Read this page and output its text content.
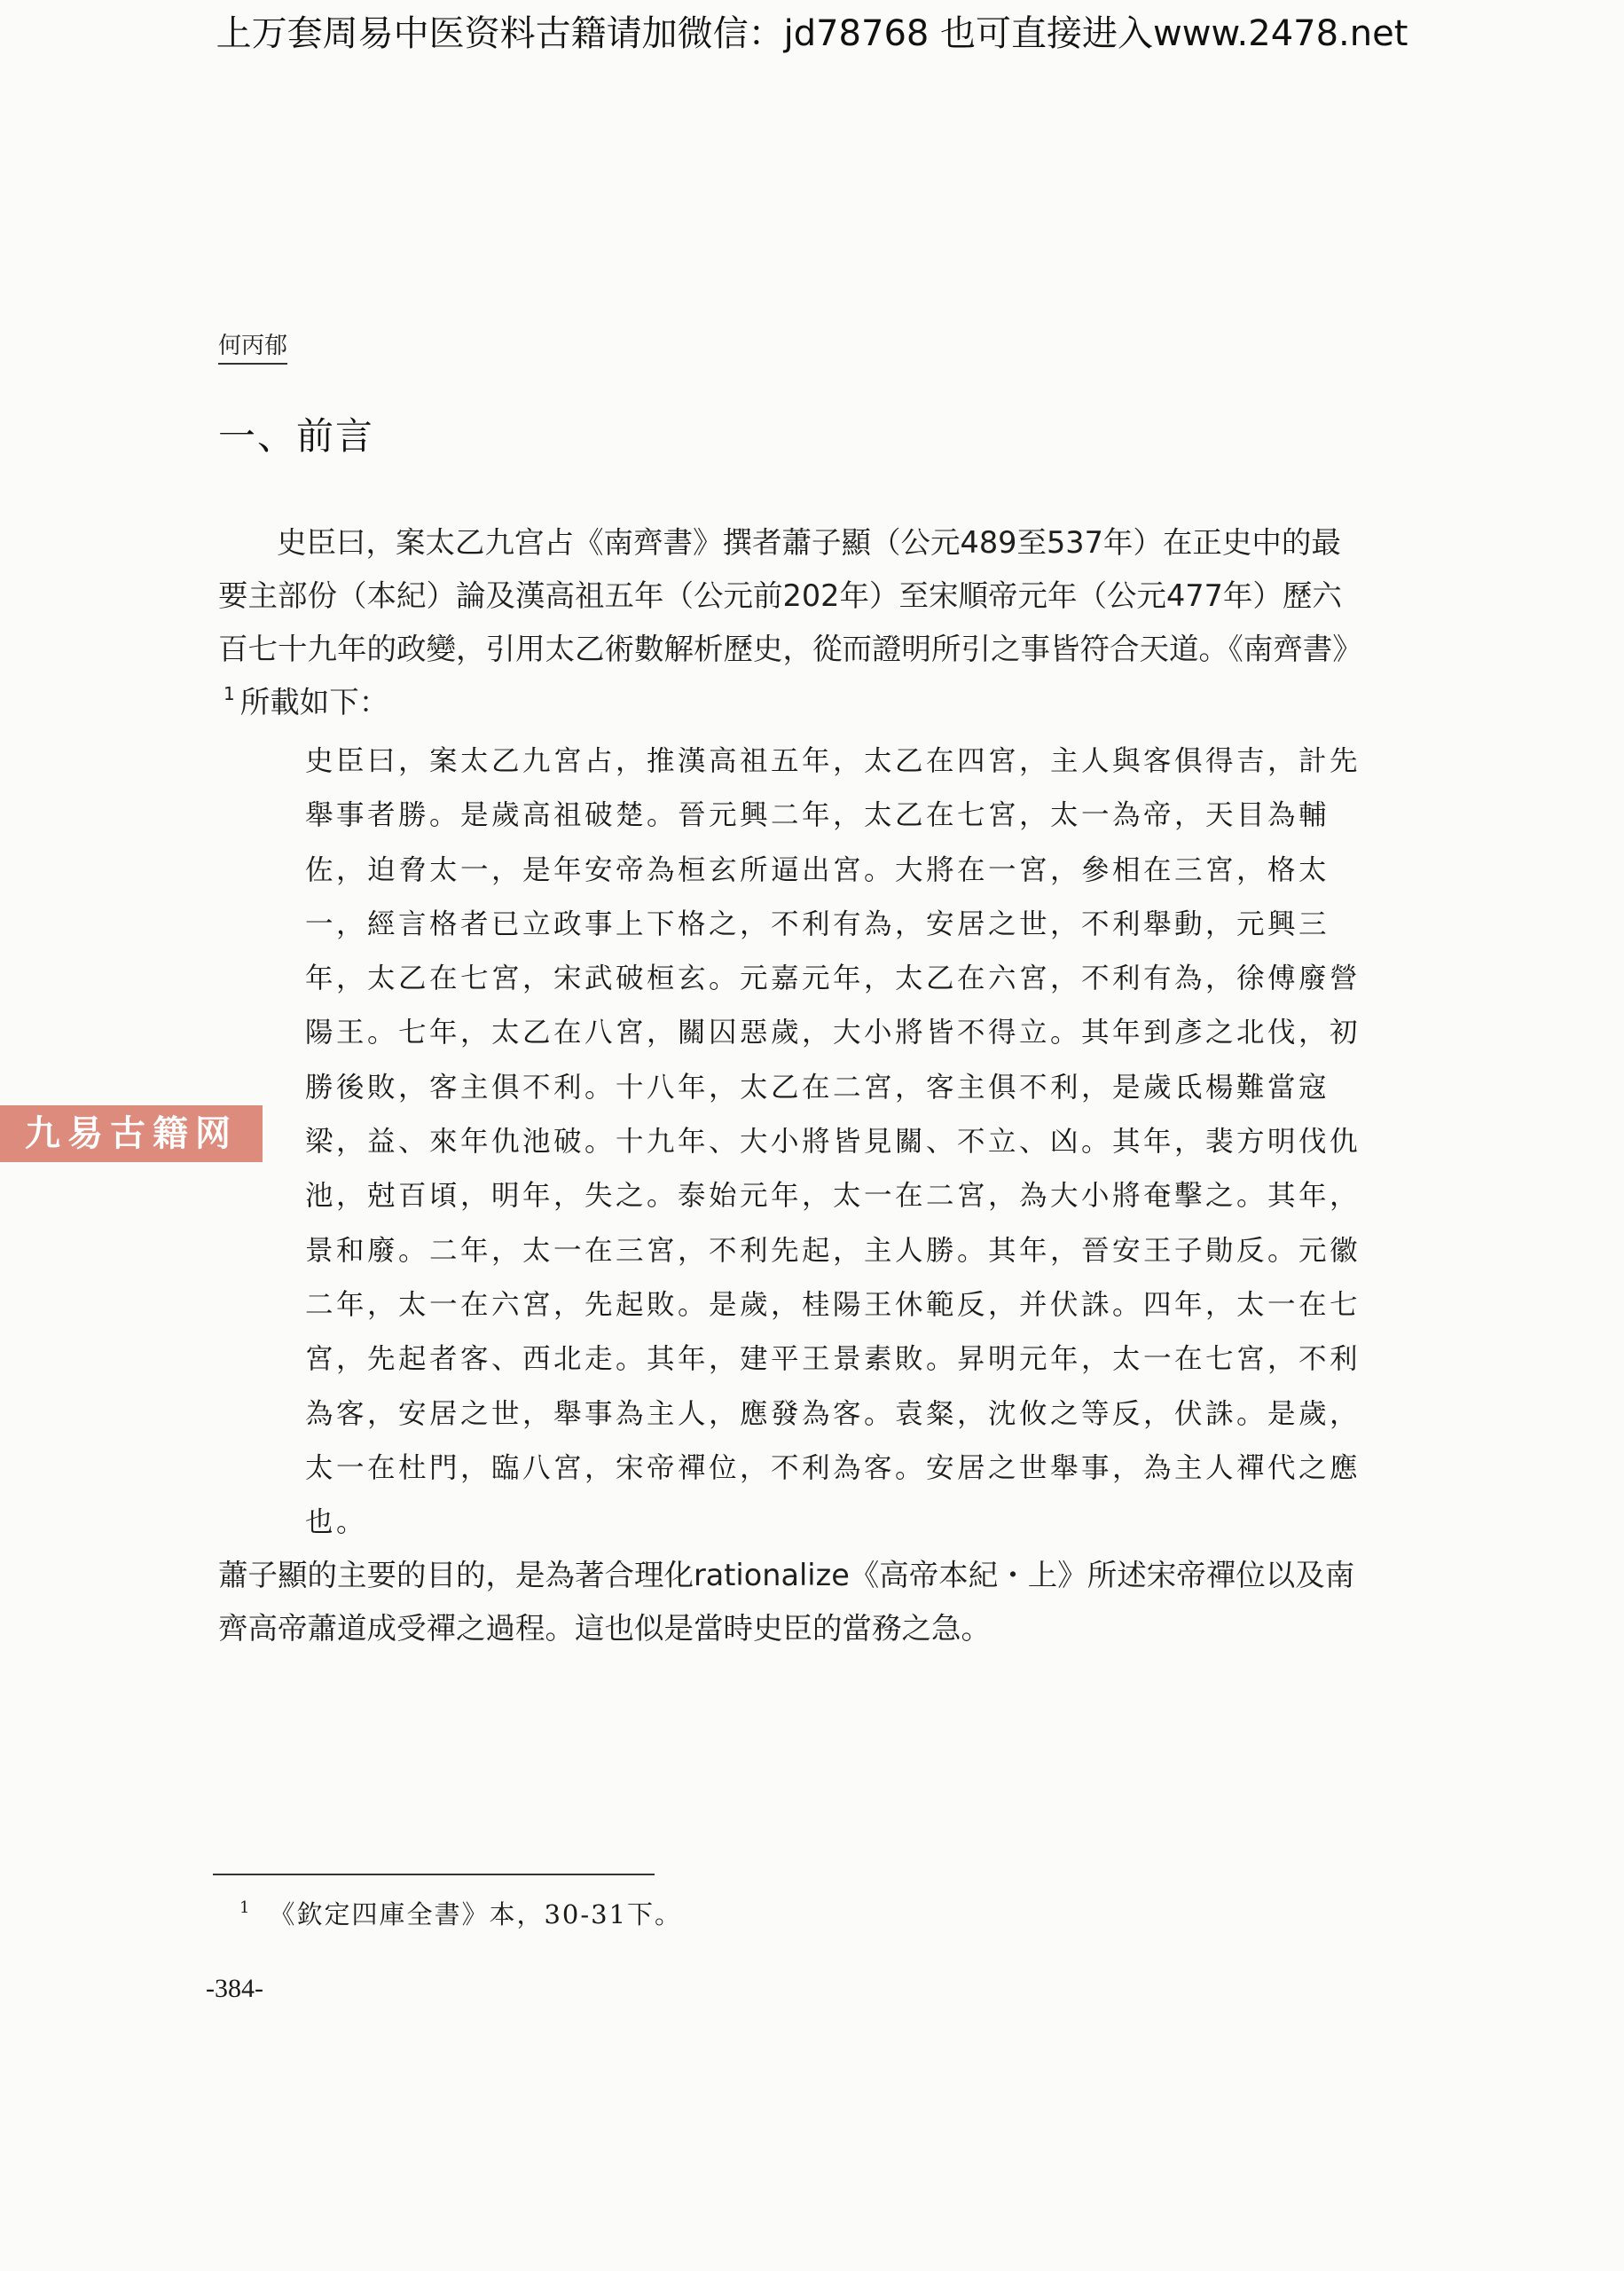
上万套周易中医资料古籍请加微信：jd78768 也可直接进入www.2478.net
何丙郁
一、前言

史臣曰，案太乙九宫占《南齊書》撰者蕭子顯（公元489至537年）在正史中的最要主部份（本紀）論及漢高祖五年（公元前202年）至宋順帝元年（公元477年）歷六百七十九年的政變，引用太乙術數解析歷史，從而證明所引之事皆符合天道。《南齊書》$^1$ 所載如下：

史臣曰，案太乙九宮占，推漢高祖五年，太乙在四宮，主人與客俱得吉，計先舉事者勝。是歲高祖破楚。晉元興二年，太乙在七宮，太一為帝，天目為輔佐，迫脅太一，是年安帝為桓玄所逼出宮。大將在一宮，參相在三宮，格太一，經言格者已立政事上下格之，不利有為，安居之世，不利舉動，元興三年，太乙在七宮，宋武破桓玄。元嘉元年，太乙在六宮，不利有為，徐傅廢營陽王。七年，太乙在八宮，關囚惡歲，大小將皆不得立。其年到彥之北伐，初勝後敗，客主俱不利。十八年，太乙在二宮，客主俱不利，是歲氐楊難當寇梁，益、來年仇池破。十九年、大小將皆見關、不立、凶。其年，裴方明伐仇池，尅百頃，明年，失之。泰始元年，太一在二宮，為大小將奄擊之。其年，景和廢。二年，太一在三宮，不利先起，主人勝。其年，晉安王子勛反。元徽二年，太一在六宮，先起敗。是歲，桂陽王休範反，并伏誅。四年，太一在七宮，先起者客、西北走。其年，建平王景素敗。昇明元年，太一在七宮，不利為客，安居之世，舉事為主人，應發為客。袁粲，沈攸之等反，伏誅。是歲，太一在杜門，臨八宮，宋帝禪位，不利為客。安居之世舉事，為主人禪代之應也。

蕭子顯的主要的目的，是為著合理化rationalize《高帝本紀・上》所述宋帝禪位以及南齊高帝蕭道成受禪之過程。這也似是當時史臣的當務之急。

九易古籍网
$^1$ 《欽定四庫全書》本，30-31下。
-384-
